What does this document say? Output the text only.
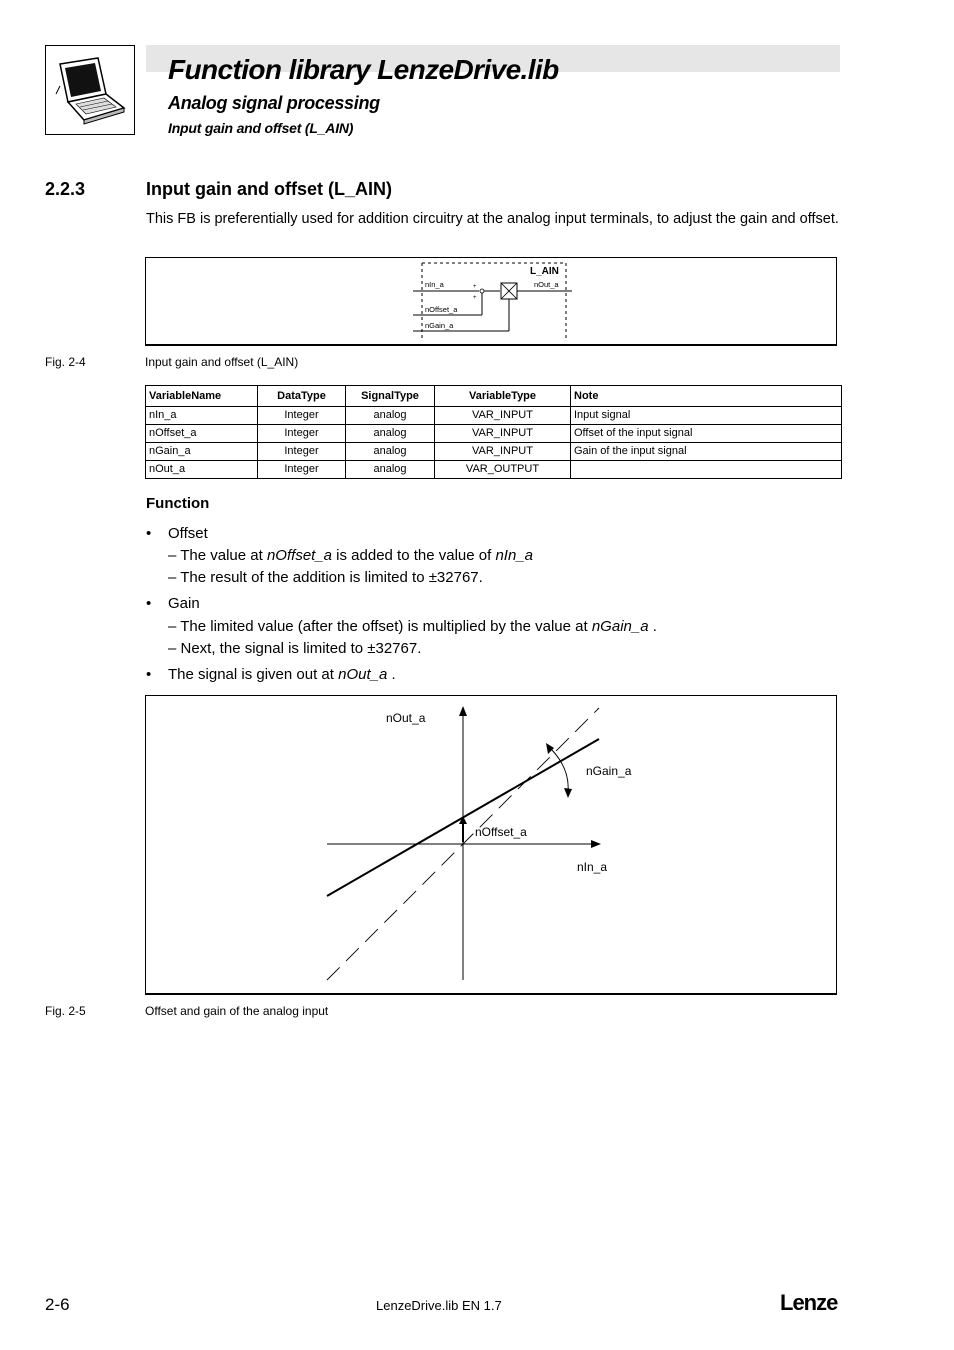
Function library LenzeDrive.lib
Analog signal processing
Input gain and offset (L_AIN)
2.2.3	Input gain and offset (L_AIN)
This FB is preferentially used for addition circuitry at the analog input terminals, to adjust the gain and offset.
L_AIN
nIn_a	+
+
nOut_a
nOffset_a
nGain_a
Fig. 2-4	Input gain and offset (L_AIN)
VariableName	DataType	SignalType	VariableType	Note
nIn_a	Integer	analog	VAR_INPUT	Input signal
nOffset_a	Integer	analog	VAR_INPUT	Offset of the input signal
nGain_a	Integer	analog	VAR_INPUT	Gain of the input signal
nOut_a	Integer	analog	VAR_OUTPUT	
Function
• Offset
– The value at nOffset_a is added to the value of nIn_a
– The result of the addition is limited to ±32767.
• Gain
– The limited value (after the offset) is multiplied by the value at nGain_a .
– Next, the signal is limited to ±32767.
• The signal is given out at nOut_a .
nOut_a
nIn_a
nGain_a
nOffset_a
Fig. 2-5	Offset and gain of the analog input
2-6	LenzeDrive.lib EN 1.7	Lenze
